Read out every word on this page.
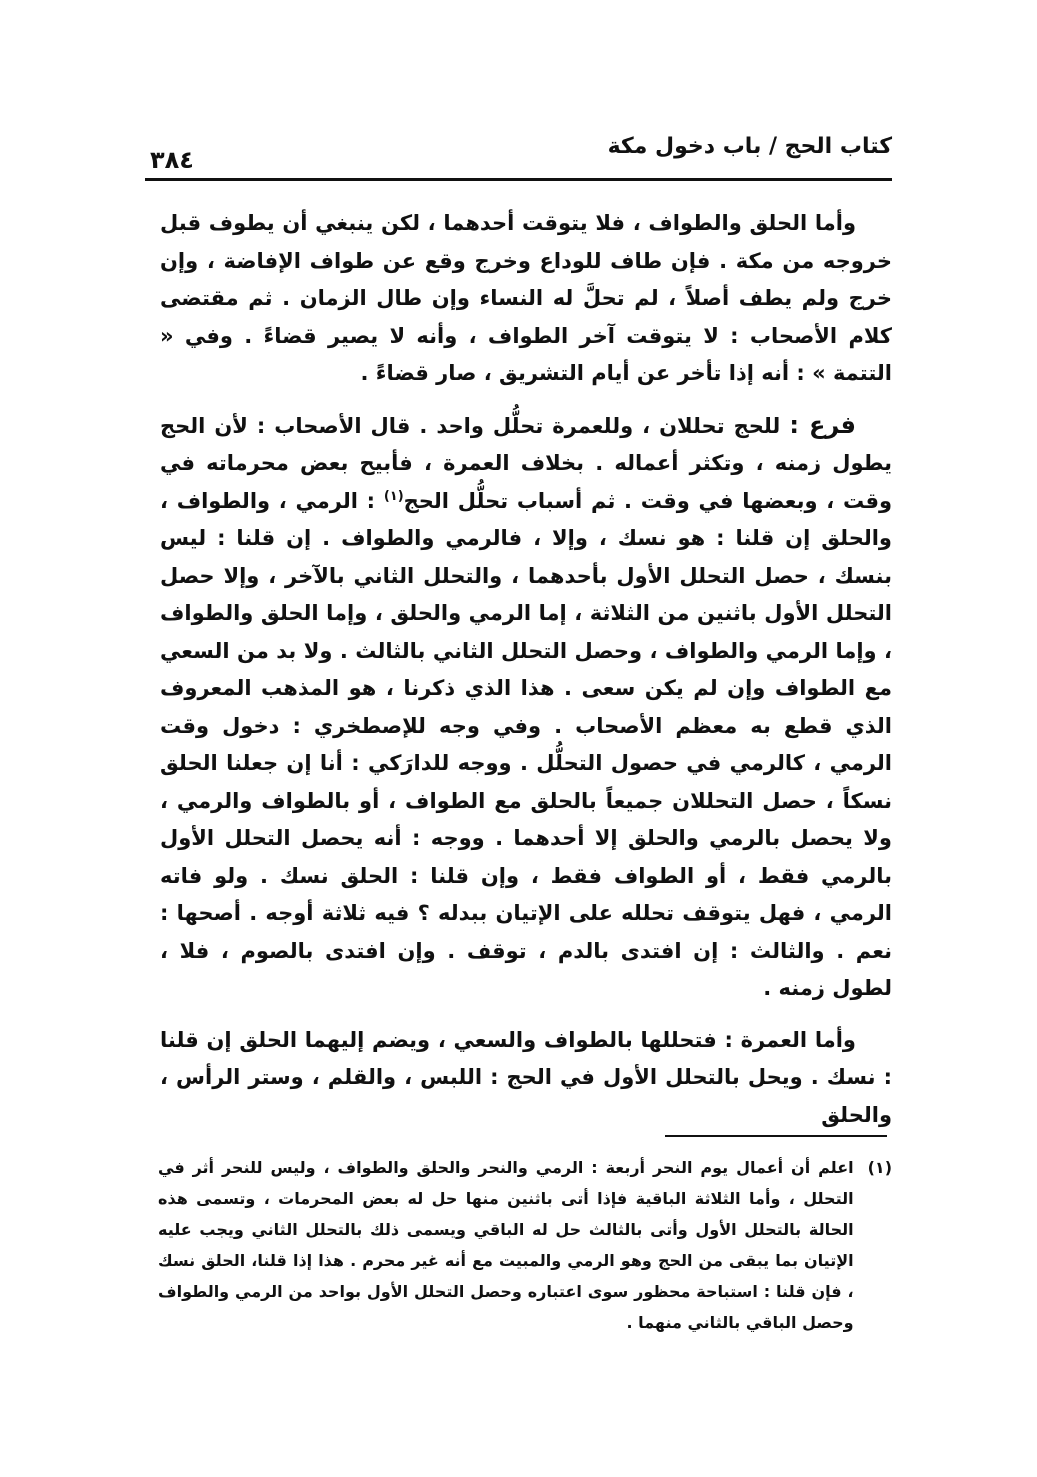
كتاب الحج / باب دخول مكة
٣٨٤

وأما الحلق والطواف ، فلا يتوقت أحدهما ، لكن ينبغي أن يطوف قبل خروجه من مكة . فإن طاف للوداع وخرج وقع عن طواف الإفاضة ، وإن خرج ولم يطف أصلاً ، لم تحلَّ له النساء وإن طال الزمان . ثم مقتضى كلام الأصحاب : لا يتوقت آخر الطواف ، وأنه لا يصير قضاءً . وفي « التتمة » : أنه إذا تأخر عن أيام التشريق ، صار قضاءً .

فرع : للحج تحللان ، وللعمرة تحلُّل واحد . قال الأصحاب : لأن الحج يطول زمنه ، وتكثر أعماله . بخلاف العمرة ، فأبيح بعض محرماته في وقت ، وبعضها في وقت . ثم أسباب تحلُّل الحج$^{(١)}$ : الرمي ، والطواف ، والحلق إن قلنا : هو نسك ، وإلا ، فالرمي والطواف . إن قلنا : ليس بنسك ، حصل التحلل الأول بأحدهما ، والتحلل الثاني بالآخر ، وإلا حصل التحلل الأول باثنين من الثلاثة ، إما الرمي والحلق ، وإما الحلق والطواف ، وإما الرمي والطواف ، وحصل التحلل الثاني بالثالث . ولا بد من السعي مع الطواف وإن لم يكن سعى . هذا الذي ذكرنا ، هو المذهب المعروف الذي قطع به معظم الأصحاب . وفي وجه للإصطخري : دخول وقت الرمي ، كالرمي في حصول التحلُّل . ووجه للدارَكي : أنا إن جعلنا الحلق نسكاً ، حصل التحللان جميعاً بالحلق مع الطواف ، أو بالطواف والرمي ، ولا يحصل بالرمي والحلق إلا أحدهما . ووجه : أنه يحصل التحلل الأول بالرمي فقط ، أو الطواف فقط ، وإن قلنا : الحلق نسك . ولو فاته الرمي ، فهل يتوقف تحلله على الإتيان ببدله ؟ فيه ثلاثة أوجه . أصحها : نعم . والثالث : إن افتدى بالدم ، توقف . وإن افتدى بالصوم ، فلا ، لطول زمنه .

وأما العمرة : فتحللها بالطواف والسعي ، ويضم إليهما الحلق إن قلنا : نسك . ويحل بالتحلل الأول في الحج : اللبس ، والقلم ، وستر الرأس ، والحلق

(١)
اعلم أن أعمال يوم النحر أربعة : الرمي والنحر والحلق والطواف ، وليس للنحر أثر في التحلل ، وأما الثلاثة الباقية فإذا أتى باثنين منها حل له بعض المحرمات ، وتسمى هذه الحالة بالتحلل الأول وأتى بالثالث حل له الباقي ويسمى ذلك بالتحلل الثاني ويجب عليه الإتيان بما يبقى من الحج وهو الرمي والمبيت مع أنه غير محرم . هذا إذا قلنا، الحلق نسك ، فإن قلنا : استباحة محظور سوى اعتباره وحصل التحلل الأول بواحد من الرمي والطواف وحصل الباقي بالثاني منهما .
